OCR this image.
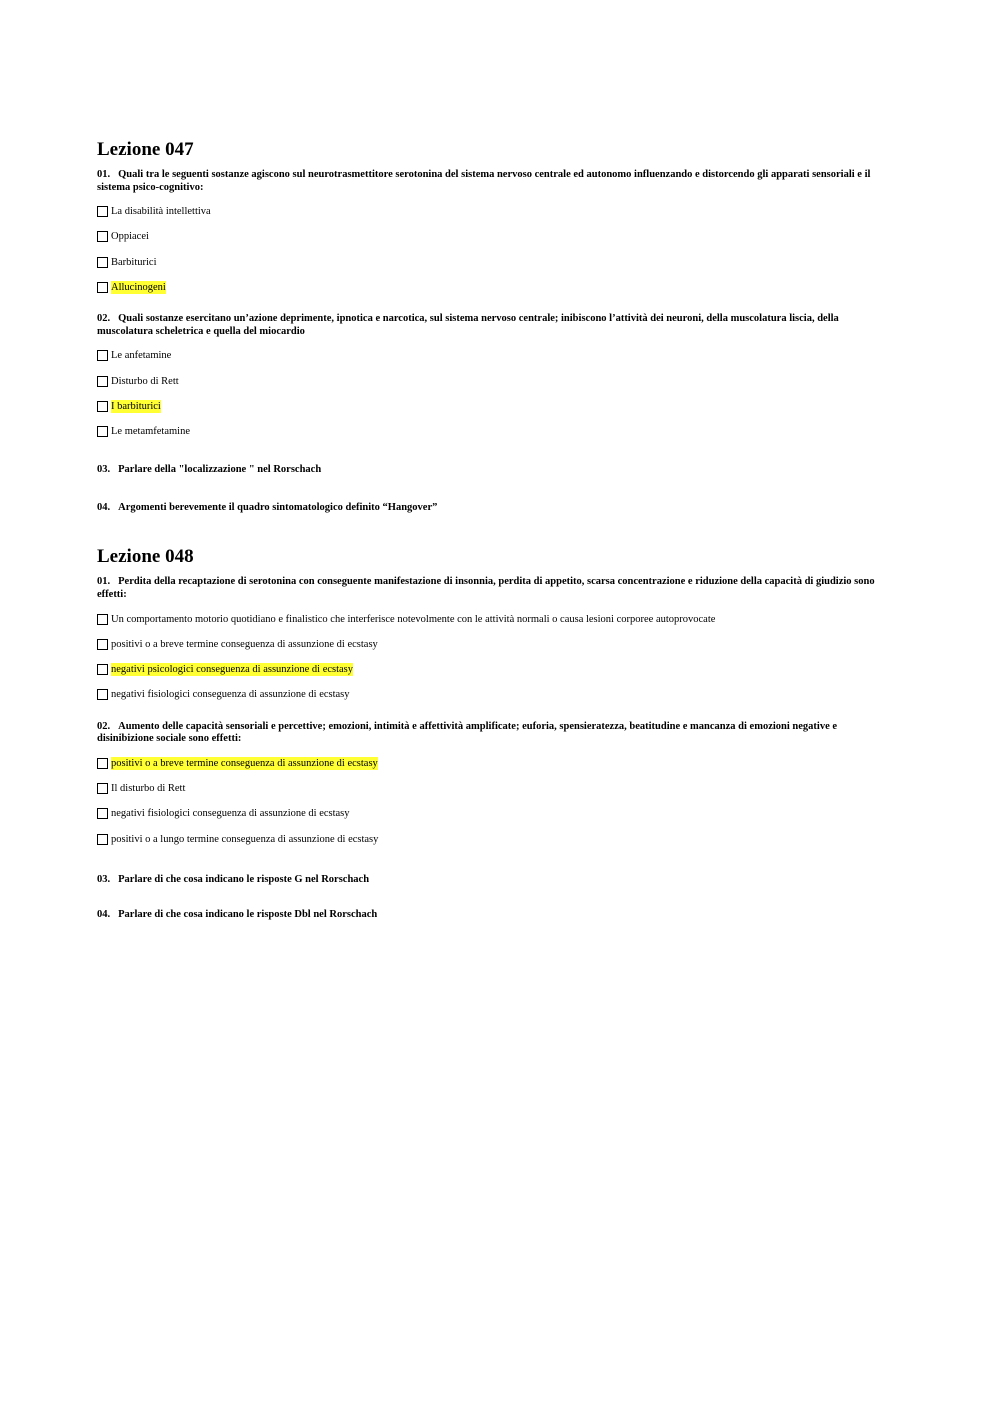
Lezione 047

01. Quali tra le seguenti sostanze agiscono sul neurotrasmettitore serotonina del sistema nervoso centrale ed autonomo influenzando e distorcendo gli apparati sensoriali e il sistema psico-cognitivo:

La disabilità intellettiva
Oppiacei
Barbiturici
Allucinogeni

02. Quali sostanze esercitano un’azione deprimente, ipnotica e narcotica, sul sistema nervoso centrale; inibiscono l’attività dei neuroni, della muscolatura liscia, della muscolatura scheletrica e quella del miocardio

Le anfetamine
Disturbo di Rett
I barbiturici
Le metamfetamine

03. Parlare della "localizzazione " nel Rorschach

04. Argomenti berevemente il quadro sintomatologico definito “Hangover”

Lezione 048

01. Perdita della recaptazione di serotonina con conseguente manifestazione di insonnia, perdita di appetito, scarsa concentrazione e riduzione della capacità di giudizio sono effetti:

Un comportamento motorio quotidiano e finalistico che interferisce notevolmente con le attività normali o causa lesioni corporee autoprovocate
positivi o a breve termine conseguenza di assunzione di ecstasy
negativi psicologici conseguenza di assunzione di ecstasy
negativi fisiologici conseguenza di assunzione di ecstasy

02. Aumento delle capacità sensoriali e percettive; emozioni, intimità e affettività amplificate; euforia, spensieratezza, beatitudine e mancanza di emozioni negative e disinibizione sociale sono effetti:

positivi o a breve termine conseguenza di assunzione di ecstasy
Il disturbo di Rett
negativi fisiologici conseguenza di assunzione di ecstasy
positivi o a lungo termine conseguenza di assunzione di ecstasy

03. Parlare di che cosa indicano le risposte G nel Rorschach

04. Parlare di che cosa indicano le risposte Dbl nel Rorschach
